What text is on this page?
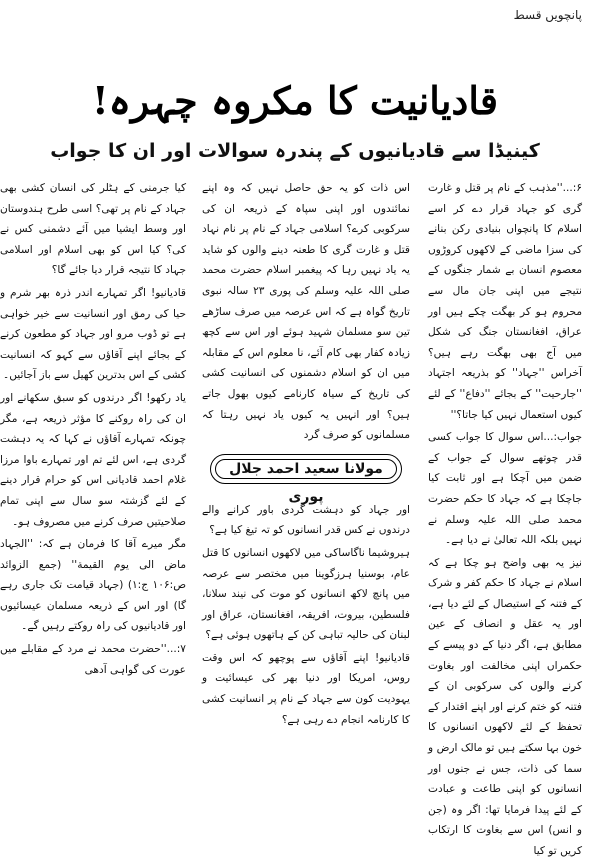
پانچویں قسط
قادیانیت کا مکروہ چہرہ!
کینیڈا سے قادیانیوں کے پندرہ سوالات اور ان کا جواب

۶:...''مذہب کے نام پر قتل و غارت گری کو جہاد قرار دے کر اسے اسلام کا پانچواں بنیادی رکن بنانے کی سزا ماضی کے لاکھوں کروڑوں معصوم انسان بے شمار جنگوں کے نتیجے میں اپنی جان مال سے محروم ہو کر بھگت چکے ہیں اور عراق، افغانستان جنگ کی شکل میں آج بھی بھگت رہے ہیں؟ آخراس ''جہاد'' کو بذریعہ اجتہاد ''جارحیت'' کے بجائے ''دفاع'' کے لئے کیوں استعمال نہیں کیا جاتا؟''

جواب:...اس سوال کا جواب کسی قدر چوتھے سوال کے جواب کے ضمن میں آچکا ہے اور ثابت کیا جاچکا ہے کہ جہاد کا حکم حضرت محمد صلی اللہ علیہ وسلم نے نہیں بلکہ اللہ تعالیٰ نے دیا ہے۔

نیز یہ بھی واضح ہو چکا ہے کہ اسلام نے جہاد کا حکم کفر و شرک کے فتنہ کے استیصال کے لئے دیا ہے، اور یہ عقل و انصاف کے عین مطابق ہے، اگر دنیا کے دو پیسے کے حکمراں اپنی مخالفت اور بغاوت کرنے والوں کی سرکوبی ان کے فتنہ کو ختم کرنے اور اپنے اقتدار کے تحفظ کے لئے لاکھوں انسانوں کا خون بہا سکتے ہیں تو مالک ارض و سما کی ذات، جس نے جنوں اور انسانوں کو اپنی طاعت و عبادت کے لئے پیدا فرمایا تھا: اگر وہ (جن و انس) اس سے بغاوت کا ارتکاب کریں تو کیا

اس ذات کو یہ حق حاصل نہیں کہ وہ اپنے نمائندوں اور اپنی سپاہ کے ذریعہ ان کی سرکوبی کرے؟ اسلامی جہاد کے نام پر نام نہاد قتل و غارت گری کا طعنہ دینے والوں کو شاید یہ یاد نہیں رہا کہ پیغمبر اسلام حضرت محمد صلی اللہ علیہ وسلم کی پوری ۲۳ سالہ نبوی تاریخ گواہ ہے کہ اس عرصہ میں صرف ساڑھے تین سو مسلمان شہید ہوئے اور اس سے کچھ زیادہ کفار بھی کام آئے، نا معلوم اس کے مقابلہ میں ان کو اسلام دشمنوں کی انسانیت کشی کی تاریخ کے سیاہ کارنامے کیوں بھول جاتے ہیں؟ اور انہیں یہ کیوں یاد نہیں رہتا کہ مسلمانوں کو صرف گرد

مولانا سعید احمد جلال پوری

اور جہاد کو دہشت گردی باور کرانے والے درندوں نے کس قدر انسانوں کو تہ تیغ کیا ہے؟

ہیروشیما ناگاساکی میں لاکھوں انسانوں کا قتل عام، بوسنیا ہرزگوینا میں مختصر سے عرصہ میں پانچ لاکھ انسانوں کو موت کی نیند سلانا، فلسطین، بیروت، افریقہ، افغانستان، عراق اور لبنان کی حالیہ تباہی کن کے ہاتھوں ہوئی ہے؟

قادیانیو! اپنے آقاؤں سے پوچھو کہ اس وقت روس، امریکا اور دنیا بھر کی عیسائیت و یہودیت کون سے جہاد کے نام پر انسانیت کشی کا کارنامہ انجام دے رہی ہے؟

کیا جرمنی کے ہٹلر کی انسان کشی بھی جہاد کے نام پر تھی؟ اسی طرح ہندوستان اور وسط ایشیا میں آئے دشمنی کس نے کی؟ کیا اس کو بھی اسلام اور اسلامی جہاد کا نتیجہ قرار دیا جائے گا؟

قادیانیو! اگر تمہارے اندر ذرہ بھر شرم و حیا کی رمق اور انسانیت سے خیر خواہی ہے تو ڈوب مرو اور جہاد کو مطعون کرنے کے بجائے اپنے آقاؤں سے کہو کہ انسانیت کشی کے اس بدترین کھیل سے باز آجائیں۔

یاد رکھو! اگر درندوں کو سبق سکھانے اور ان کی راہ روکنے کا مؤثر ذریعہ ہے، مگر چونکہ تمہارے آقاؤں نے کہا کہ یہ دہشت گردی ہے، اس لئے تم اور تمہارے باوا مرزا غلام احمد قادیانی اس کو حرام قرار دینے کے لئے گزشتہ سو سال سے اپنی تمام صلاحیتیں صرف کرنے میں مصروف ہو۔

مگر میرے آقا کا فرمان ہے کہ: ''الجہاد ماض الی یوم القیمة'' (جمع الزوائد ص:۱۰۶ ج:۱) (جہاد قیامت تک جاری رہے گا) اور اس کے ذریعہ مسلمان عیسائیوں اور قادیانیوں کی راہ روکتے رہیں گے۔

۷:...''حضرت محمد نے مرد کے مقابلے میں عورت کی گواہی آدھی
